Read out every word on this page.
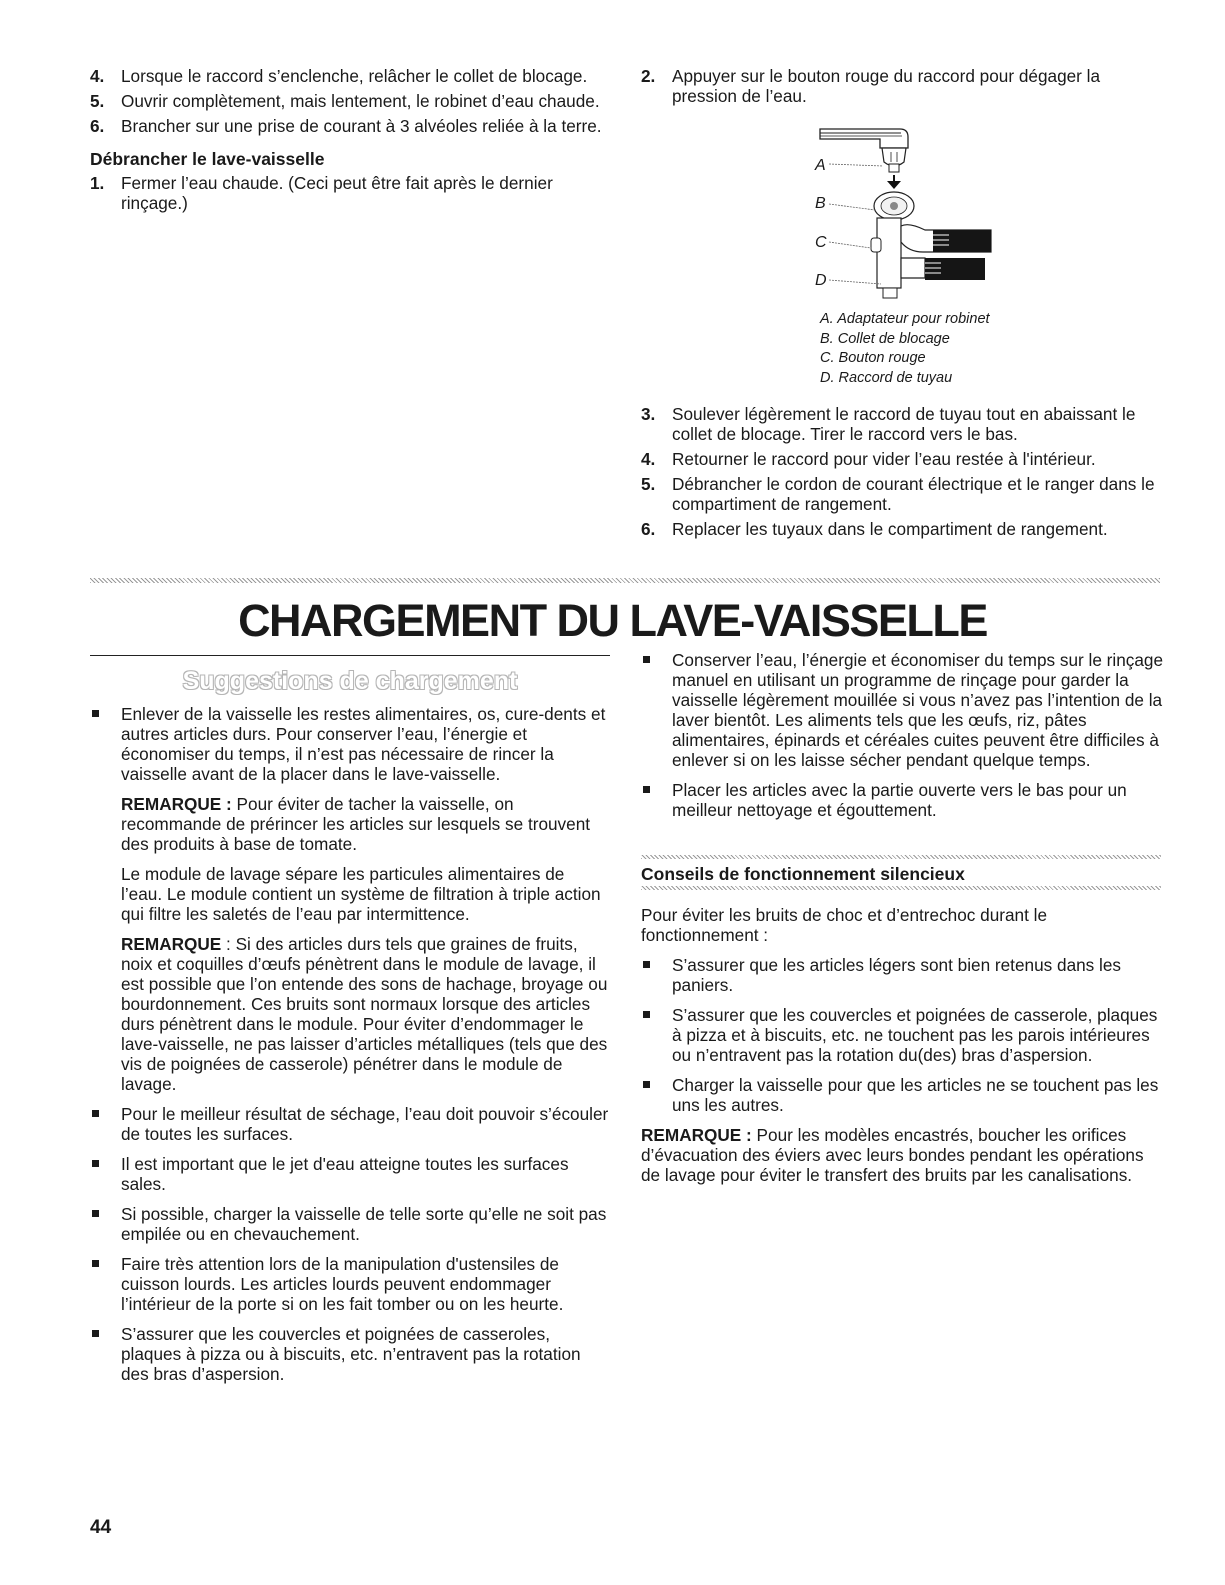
4. Lorsque le raccord s’enclenche, relâcher le collet de blocage.
5. Ouvrir complètement, mais lentement, le robinet d’eau chaude.
6. Brancher sur une prise de courant à 3 alvéoles reliée à la terre.
Débrancher le lave-vaisselle
1. Fermer l’eau chaude. (Ceci peut être fait après le dernier rinçage.)
2. Appuyer sur le bouton rouge du raccord pour dégager la pression de l’eau.
A
B
C
D
A. Adaptateur pour robinet
B. Collet de blocage
C. Bouton rouge
D. Raccord de tuyau
3. Soulever légèrement le raccord de tuyau tout en abaissant le collet de blocage. Tirer le raccord vers le bas.
4. Retourner le raccord pour vider l’eau restée à l'intérieur.
5. Débrancher le cordon de courant électrique et le ranger dans le compartiment de rangement.
6. Replacer les tuyaux dans le compartiment de rangement.
CHARGEMENT DU LAVE-VAISSELLE
Suggestions de chargement
Enlever de la vaisselle les restes alimentaires, os, cure-dents et autres articles durs. Pour conserver l’eau, l’énergie et économiser du temps, il n’est pas nécessaire de rincer la vaisselle avant de la placer dans le lave-vaisselle.

REMARQUE : Pour éviter de tacher la vaisselle, on recommande de prérincer les articles sur lesquels se trouvent des produits à base de tomate.

Le module de lavage sépare les particules alimentaires de l’eau. Le module contient un système de filtration à triple action qui filtre les saletés de l’eau par intermittence.

REMARQUE : Si des articles durs tels que graines de fruits, noix et coquilles d’œufs pénètrent dans le module de lavage, il est possible que l’on entende des sons de hachage, broyage ou bourdonnement. Ces bruits sont normaux lorsque des articles durs pénètrent dans le module. Pour éviter d’endommager le lave-vaisselle, ne pas laisser d’articles métalliques (tels que des vis de poignées de casserole) pénétrer dans le module de lavage.

Pour le meilleur résultat de séchage, l’eau doit pouvoir s’écouler de toutes les surfaces.
Il est important que le jet d'eau atteigne toutes les surfaces sales.
Si possible, charger la vaisselle de telle sorte qu’elle ne soit pas empilée ou en chevauchement.
Faire très attention lors de la manipulation d'ustensiles de cuisson lourds. Les articles lourds peuvent endommager l’intérieur de la porte si on les fait tomber ou on les heurte.
S’assurer que les couvercles et poignées de casseroles, plaques à pizza ou à biscuits, etc. n’entravent pas la rotation des bras d’aspersion.
Conserver l’eau, l’énergie et économiser du temps sur le rinçage manuel en utilisant un programme de rinçage pour garder la vaisselle légèrement mouillée si vous n’avez pas l’intention de la laver bientôt. Les aliments tels que les œufs, riz, pâtes alimentaires, épinards et céréales cuites peuvent être difficiles à enlever si on les laisse sécher pendant quelque temps.
Placer les articles avec la partie ouverte vers le bas pour un meilleur nettoyage et égouttement.
Conseils de fonctionnement silencieux

Pour éviter les bruits de choc et d’entrechoc durant le fonctionnement :

S’assurer que les articles légers sont bien retenus dans les paniers.
S’assurer que les couvercles et poignées de casserole, plaques à pizza et à biscuits, etc. ne touchent pas les parois intérieures ou n’entravent pas la rotation du(des) bras d’aspersion.
Charger la vaisselle pour que les articles ne se touchent pas les uns les autres.

REMARQUE : Pour les modèles encastrés, boucher les orifices d’évacuation des éviers avec leurs bondes pendant les opérations de lavage pour éviter le transfert des bruits par les canalisations.

44
